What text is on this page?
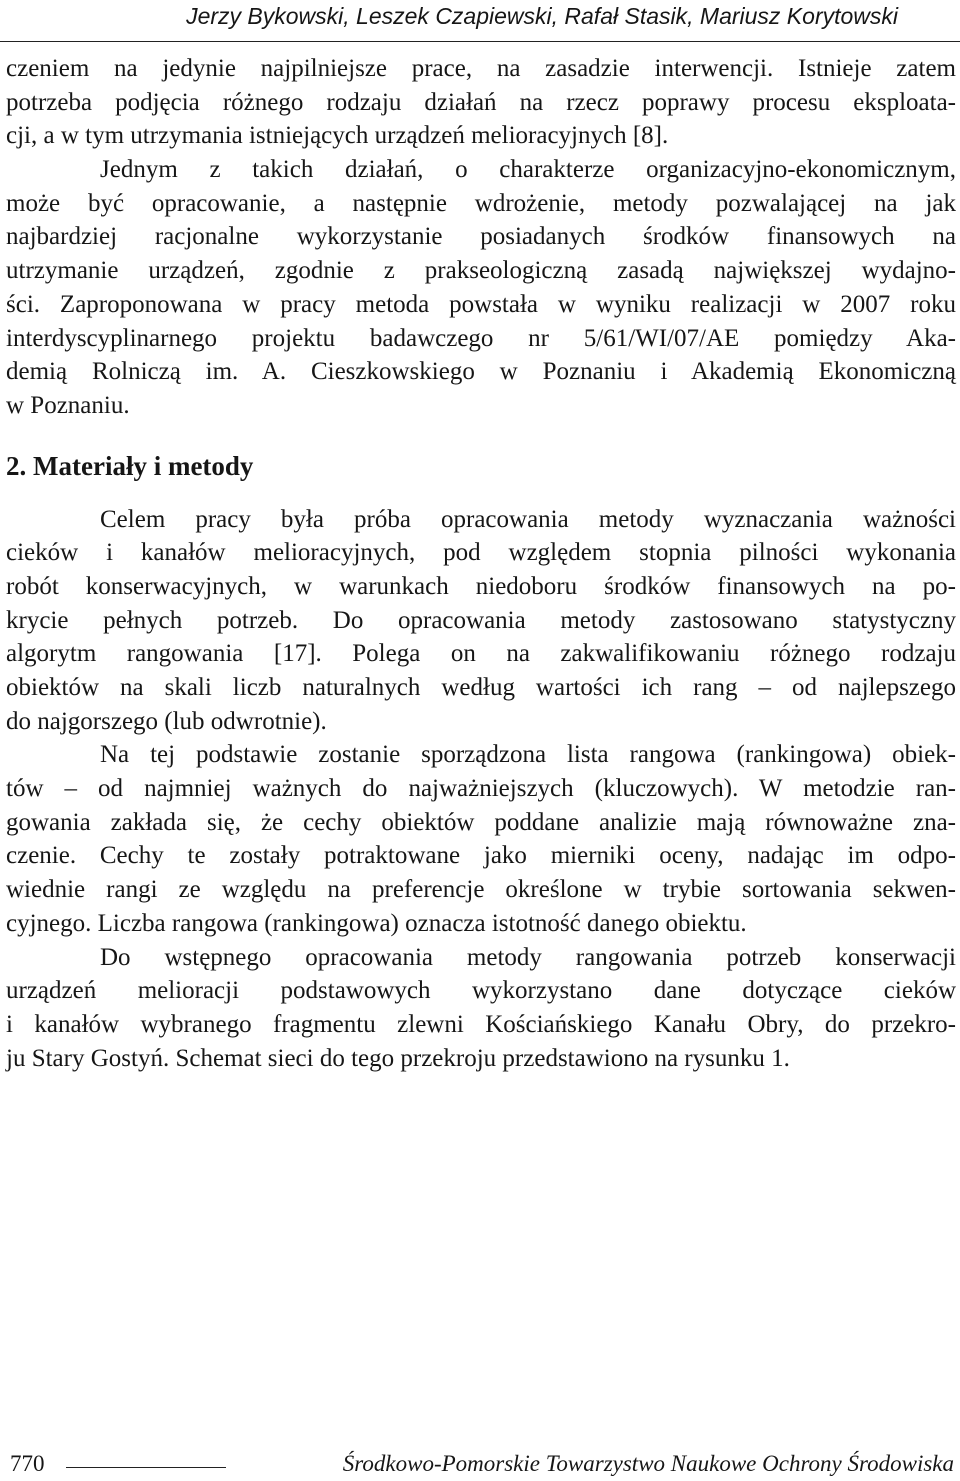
Jerzy Bykowski, Leszek Czapiewski, Rafał Stasik, Mariusz Korytowski
czeniem na jedynie najpilniejsze prace, na zasadzie interwencji. Istnieje zatem
potrzeba podjęcia różnego rodzaju działań na rzecz poprawy procesu eksploata-
cji, a w tym utrzymania istniejących urządzeń melioracyjnych [8].
Jednym z takich działań, o charakterze organizacyjno-ekonomicznym,
może być opracowanie, a następnie wdrożenie, metody pozwalającej na jak
najbardziej racjonalne wykorzystanie posiadanych środków finansowych na
utrzymanie urządzeń, zgodnie z prakseologiczną zasadą największej wydajno-
ści. Zaproponowana w pracy metoda powstała w wyniku realizacji w 2007 roku
interdyscyplinarnego projektu badawczego nr 5/61/WI/07/AE pomiędzy Aka-
demią Rolniczą im. A. Cieszkowskiego w Poznaniu i Akademią Ekonomiczną
w Poznaniu.
2. Materiały i metody
Celem pracy była próba opracowania metody wyznaczania ważności
cieków i kanałów melioracyjnych, pod względem stopnia pilności wykonania
robót konserwacyjnych, w warunkach niedoboru środków finansowych na po-
krycie pełnych potrzeb. Do opracowania metody zastosowano statystyczny
algorytm rangowania [17]. Polega on na zakwalifikowaniu różnego rodzaju
obiektów na skali liczb naturalnych według wartości ich rang – od najlepszego
do najgorszego (lub odwrotnie).
Na tej podstawie zostanie sporządzona lista rangowa (rankingowa) obiek-
tów – od najmniej ważnych do najważniejszych (kluczowych). W metodzie ran-
gowania zakłada się, że cechy obiektów poddane analizie mają równoważne zna-
czenie. Cechy te zostały potraktowane jako mierniki oceny, nadając im odpo-
wiednie rangi ze względu na preferencje określone w trybie sortowania sekwen-
cyjnego. Liczba rangowa (rankingowa) oznacza istotność danego obiektu.
Do wstępnego opracowania metody rangowania potrzeb konserwacji
urządzeń melioracji podstawowych wykorzystano dane dotyczące cieków
i kanałów wybranego fragmentu zlewni Kościańskiego Kanału Obry, do przekro-
ju Stary Gostyń. Schemat sieci do tego przekroju przedstawiono na rysunku 1.
770	Środkowo-Pomorskie Towarzystwo Naukowe Ochrony Środowiska
